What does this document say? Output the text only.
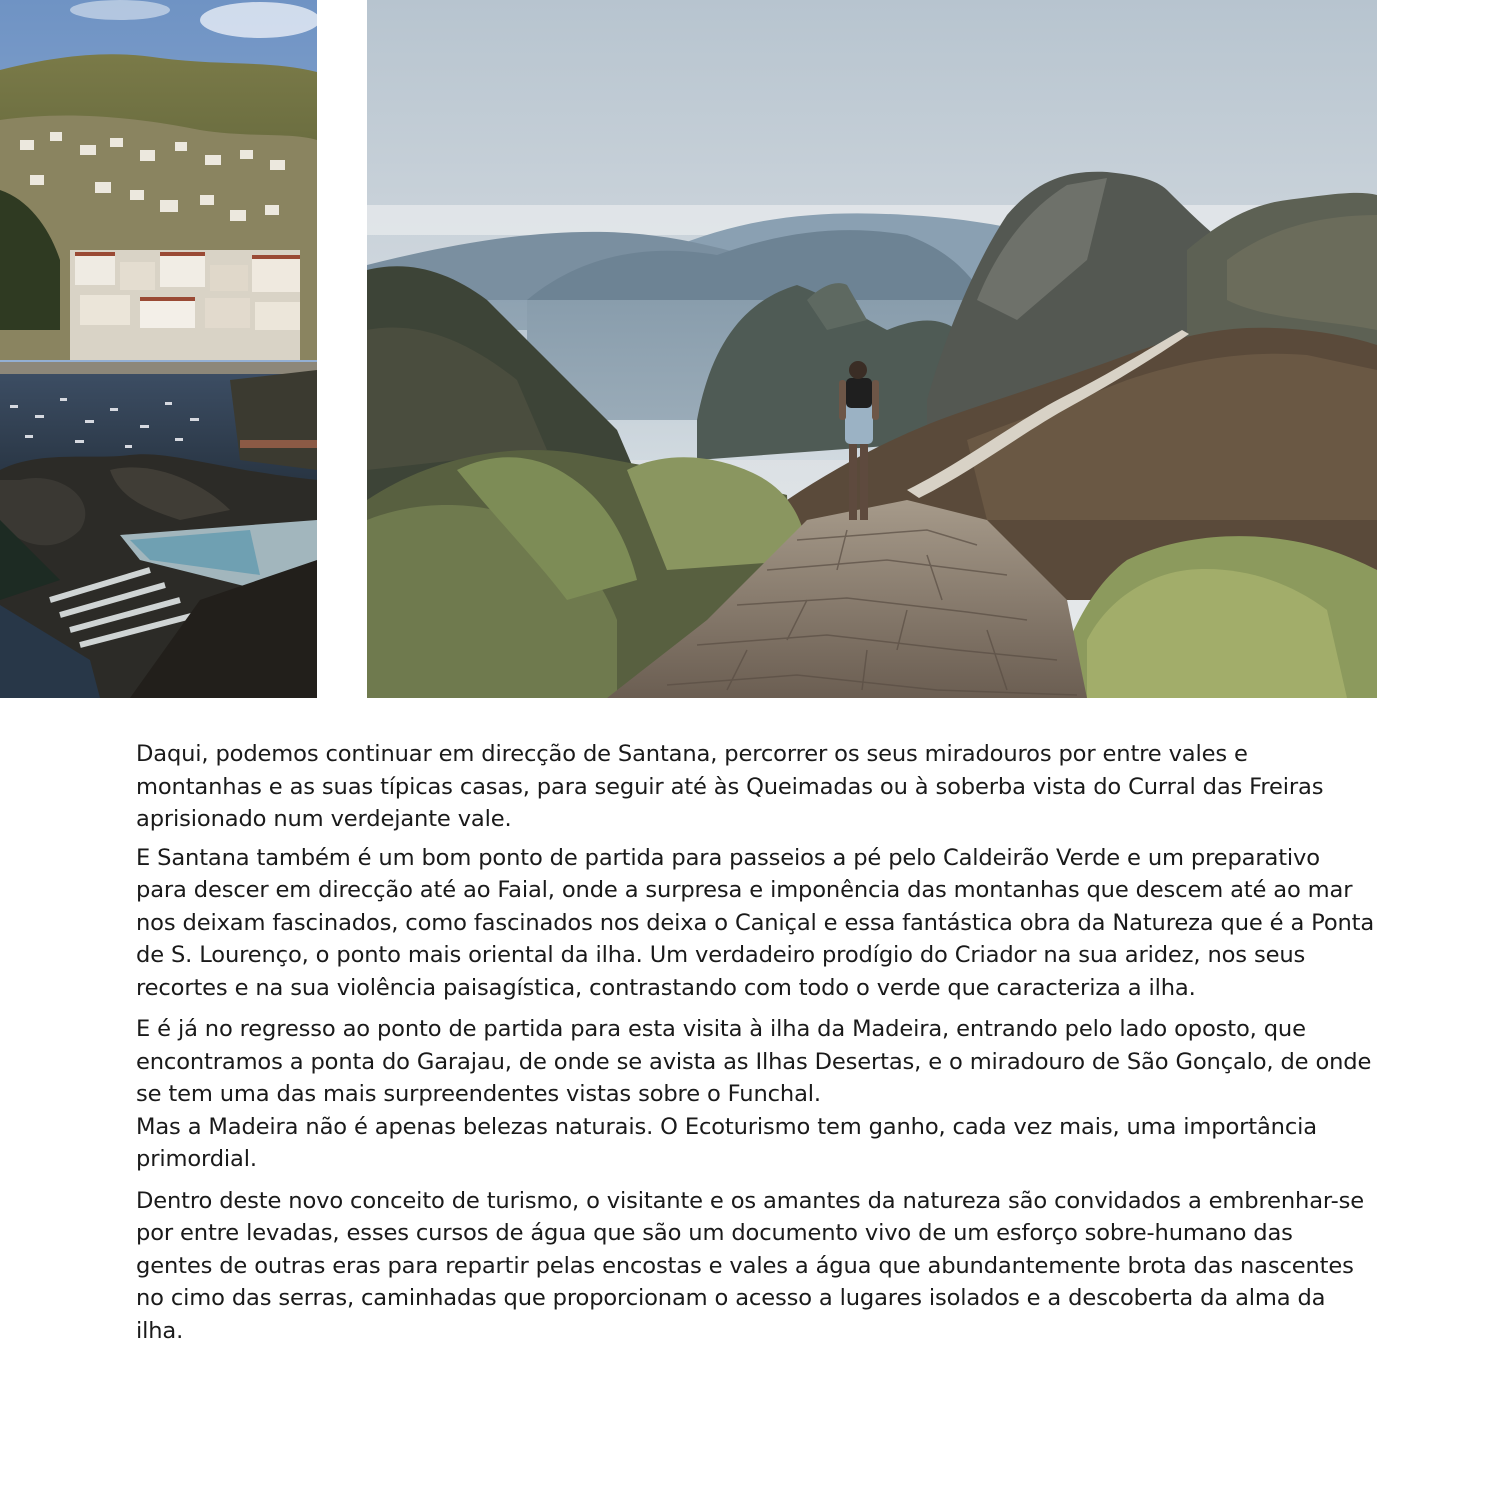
Daqui, podemos continuar em direcção de Santana, percorrer os seus miradouros por entre vales e montanhas e as suas típicas casas, para seguir até às Queimadas ou à soberba vista do Curral das Freiras aprisionado num verdejante vale.

E Santana também é um bom ponto de partida para passeios a pé pelo Caldeirão Verde e um preparativo para descer em direcção até ao Faial, onde a surpresa e imponência das montanhas que descem até ao mar nos deixam fascinados, como fascinados nos deixa o Caniçal e essa fantástica obra da Natureza que é a Ponta de S. Lourenço, o ponto mais oriental da ilha. Um verdadeiro prodígio do Criador na sua aridez, nos seus recortes e na sua violência paisagística, contrastando com todo o verde que caracteriza a ilha.

E é já no regresso ao ponto de partida para esta visita à ilha da Madeira, entrando pelo lado oposto, que encontramos a ponta do Garajau, de onde se avista as Ilhas Desertas, e o miradouro de São Gonçalo, de onde se tem uma das mais surpreendentes vistas sobre o Funchal.

Mas a Madeira não é apenas belezas naturais. O Ecoturismo tem ganho, cada vez mais, uma importância primordial.

Dentro deste novo conceito de turismo, o visitante e os amantes da natureza são convidados a embrenhar-se por entre levadas, esses cursos de água que são um documento vivo de um esforço sobre-humano das gentes de outras eras para repartir pelas encostas e vales a água que abundantemente brota das nascentes no cimo das serras, caminhadas que proporcionam o acesso a lugares isolados e a descoberta da alma da ilha.
